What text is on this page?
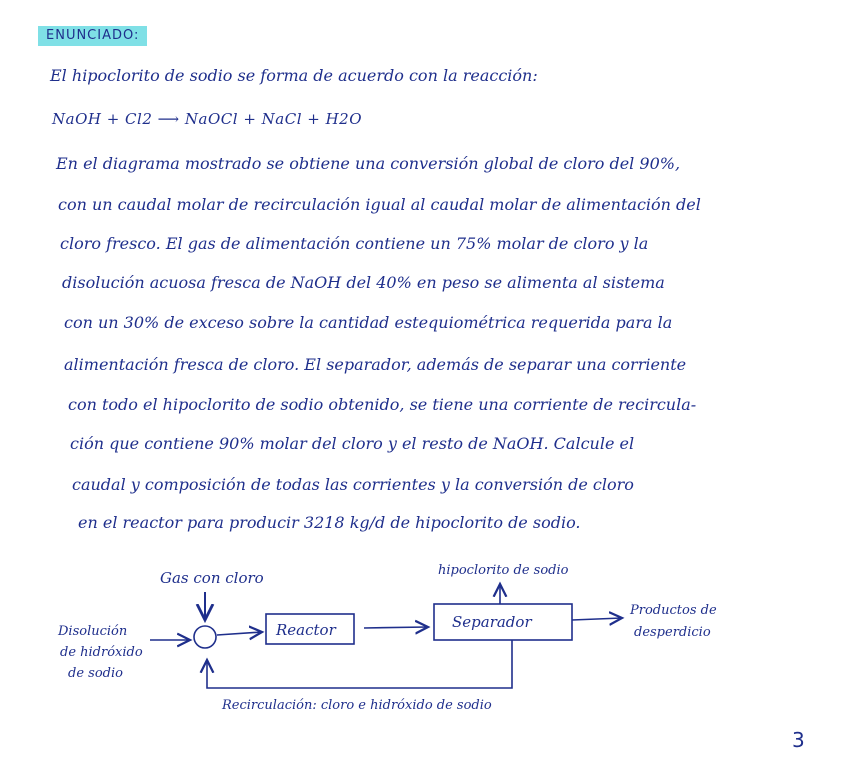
ENUNCIADO:
El hipoclorito de sodio se forma de acuerdo con la reacción:
NaOH + Cl2 ⟶ NaOCl + NaCl + H2O
En el diagrama mostrado se obtiene una conversión global de cloro del 90%,
con un caudal molar de recirculación igual al caudal molar de alimentación del
cloro fresco. El gas de alimentación contiene un 75% molar de cloro y la
disolución acuosa fresca de NaOH del 40% en peso se alimenta al sistema
con un 30% de exceso sobre la cantidad estequiométrica requerida para la
alimentación fresca de cloro. El separador, además de separar una corriente
con todo el hipoclorito de sodio obtenido, se tiene una corriente de recircula-
ción que contiene 90% molar del cloro y el resto de NaOH. Calcule el
caudal y composición de todas las corrientes y la conversión de cloro
en el reactor para producir 3218 kg/d de hipoclorito de sodio.
Gas con cloro
Disolución de hidróxido de sodio
Reactor	Separador
hipoclorito de sodio
Productos de desperdicio
Recirculación: cloro e hidróxido de sodio
3
